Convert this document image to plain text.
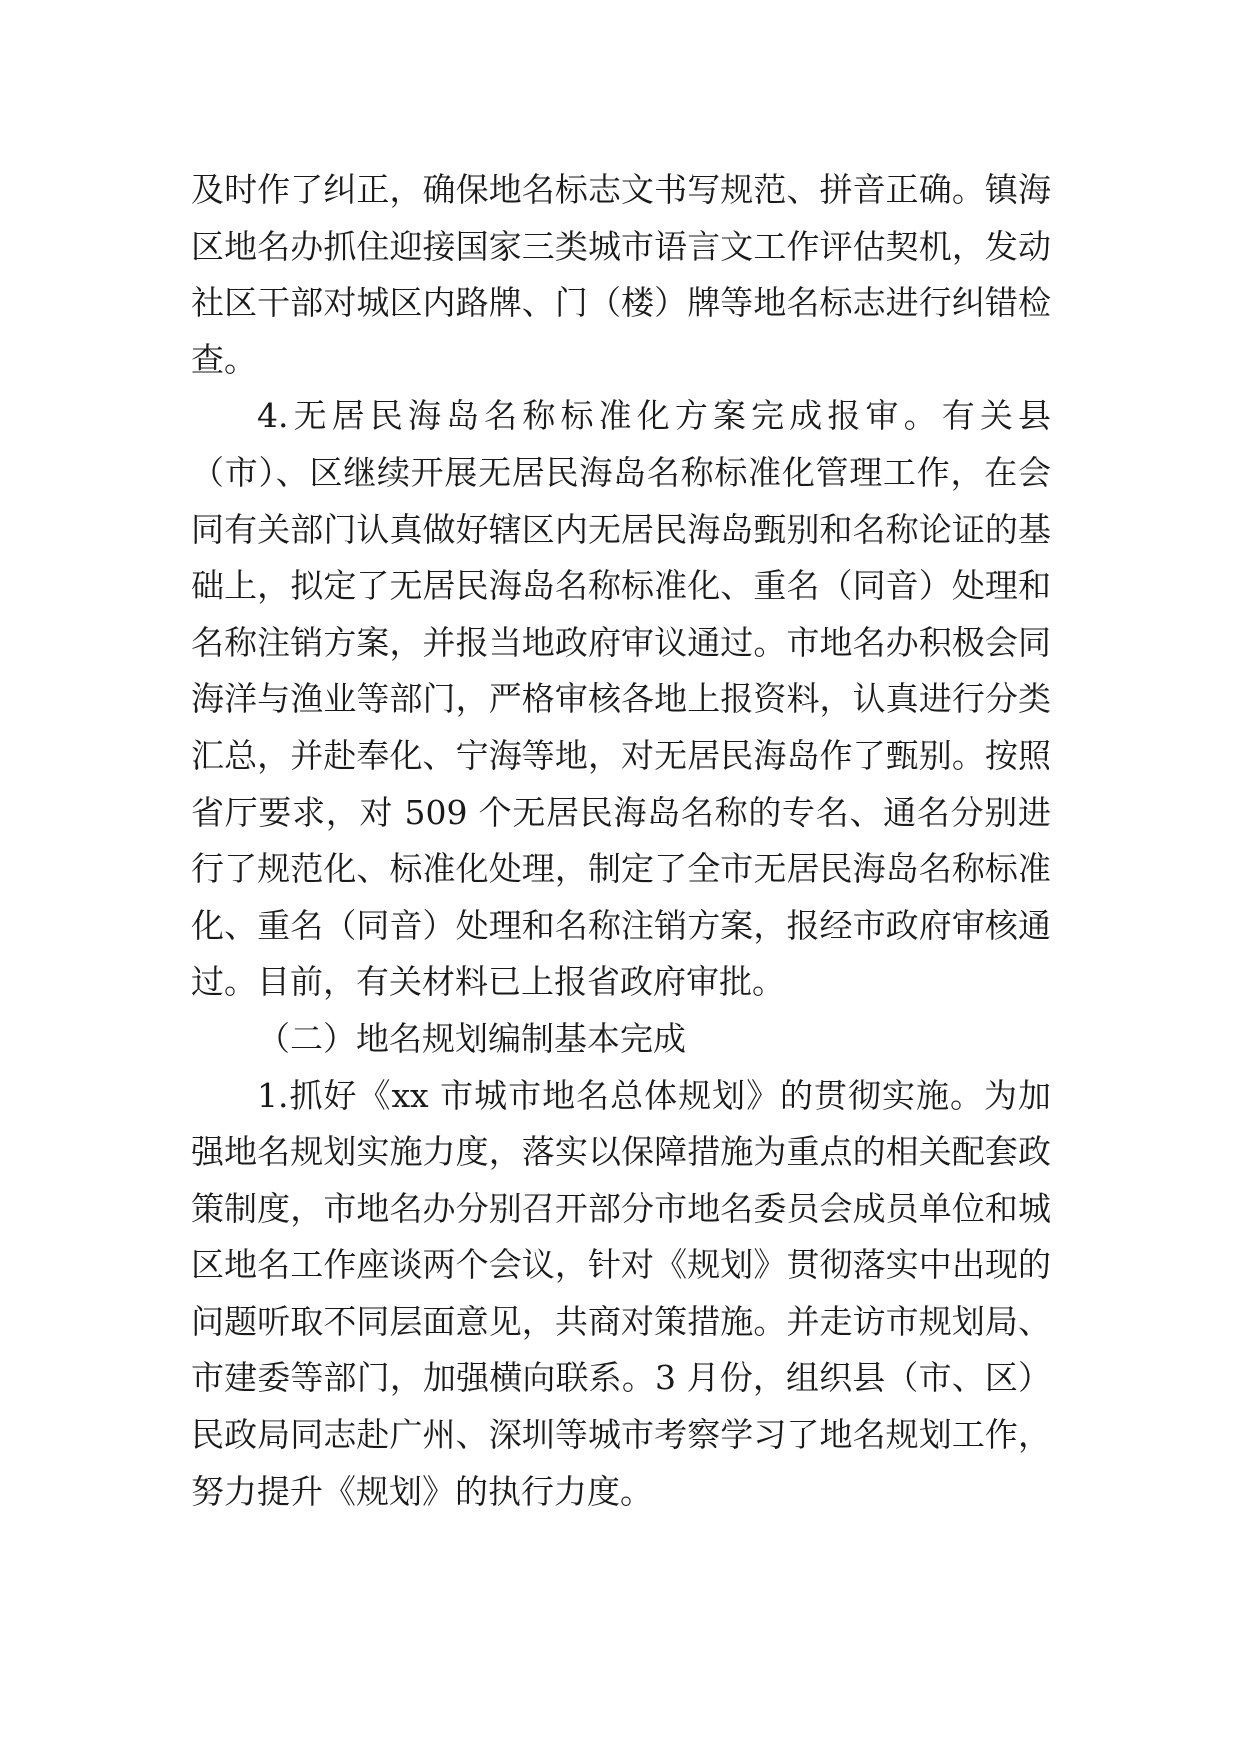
及时作了纠正，确保地名标志文书写规范、拼音正确。镇海区地名办抓住迎接国家三类城市语言文工作评估契机，发动社区干部对城区内路牌、门（楼）牌等地名标志进行纠错检查。

4.无居民海岛名称标准化方案完成报审。有关县（市）、区继续开展无居民海岛名称标准化管理工作，在会同有关部门认真做好辖区内无居民海岛甄别和名称论证的基础上，拟定了无居民海岛名称标准化、重名（同音）处理和名称注销方案，并报当地政府审议通过。市地名办积极会同海洋与渔业等部门，严格审核各地上报资料，认真进行分类汇总，并赴奉化、宁海等地，对无居民海岛作了甄别。按照省厅要求，对 509 个无居民海岛名称的专名、通名分别进行了规范化、标准化处理，制定了全市无居民海岛名称标准化、重名（同音）处理和名称注销方案，报经市政府审核通过。目前，有关材料已上报省政府审批。

（二）地名规划编制基本完成

1.抓好《xx 市城市地名总体规划》的贯彻实施。为加强地名规划实施力度，落实以保障措施为重点的相关配套政策制度，市地名办分别召开部分市地名委员会成员单位和城区地名工作座谈两个会议，针对《规划》贯彻落实中出现的问题听取不同层面意见，共商对策措施。并走访市规划局、市建委等部门，加强横向联系。3 月份，组织县（市、区）民政局同志赴广州、深圳等城市考察学习了地名规划工作，努力提升《规划》的执行力度。
